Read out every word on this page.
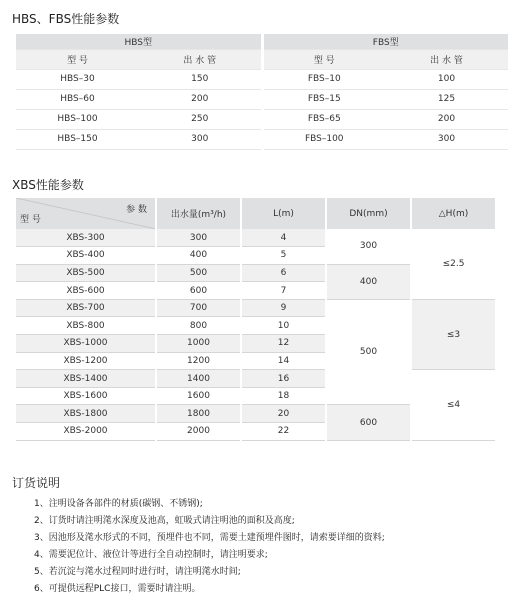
HBS、FBS性能参数
HBS型		FBS型	
型 号	出 水 管	型 号	出 水 管
HBS–30	150	FBS–10	100
HBS–60	200	FBS–15	125
HBS–100	250	FBS–65	200
HBS–150	300	FBS–100	300
XBS性能参数
参 数
型 号	出水量(m³/h)	L(m)	DN(mm)	△H(m)
XBS-300	300	4	300	≤2.5
XBS-400	400	5		
XBS-500	500	6	400	
XBS-600	600	7		
XBS-700	700	9	500	≤3
XBS-800	800	10		
XBS-1000	1000	12		
XBS-1200	1200	14		
XBS-1400	1400	16		≤4
XBS-1600	1600	18		
XBS-1800	1800	20	600	
XBS-2000	2000	22		
订货说明
1、注明设备各部件的材质(碳钢、不锈钢);
2、订货时请注明滗水深度及池高，虹吸式请注明池的面积及高度;
3、因池形及滗水形式的不同，预埋件也不同，需要土建预埋件图时，请索要详细的资料;
4、需要泥位计、液位计等进行全自动控制时，请注明要求;
5、若沉淀与滗水过程同时进行时，请注明滗水时间;
6、可提供远程PLC接口，需要时请注明。
